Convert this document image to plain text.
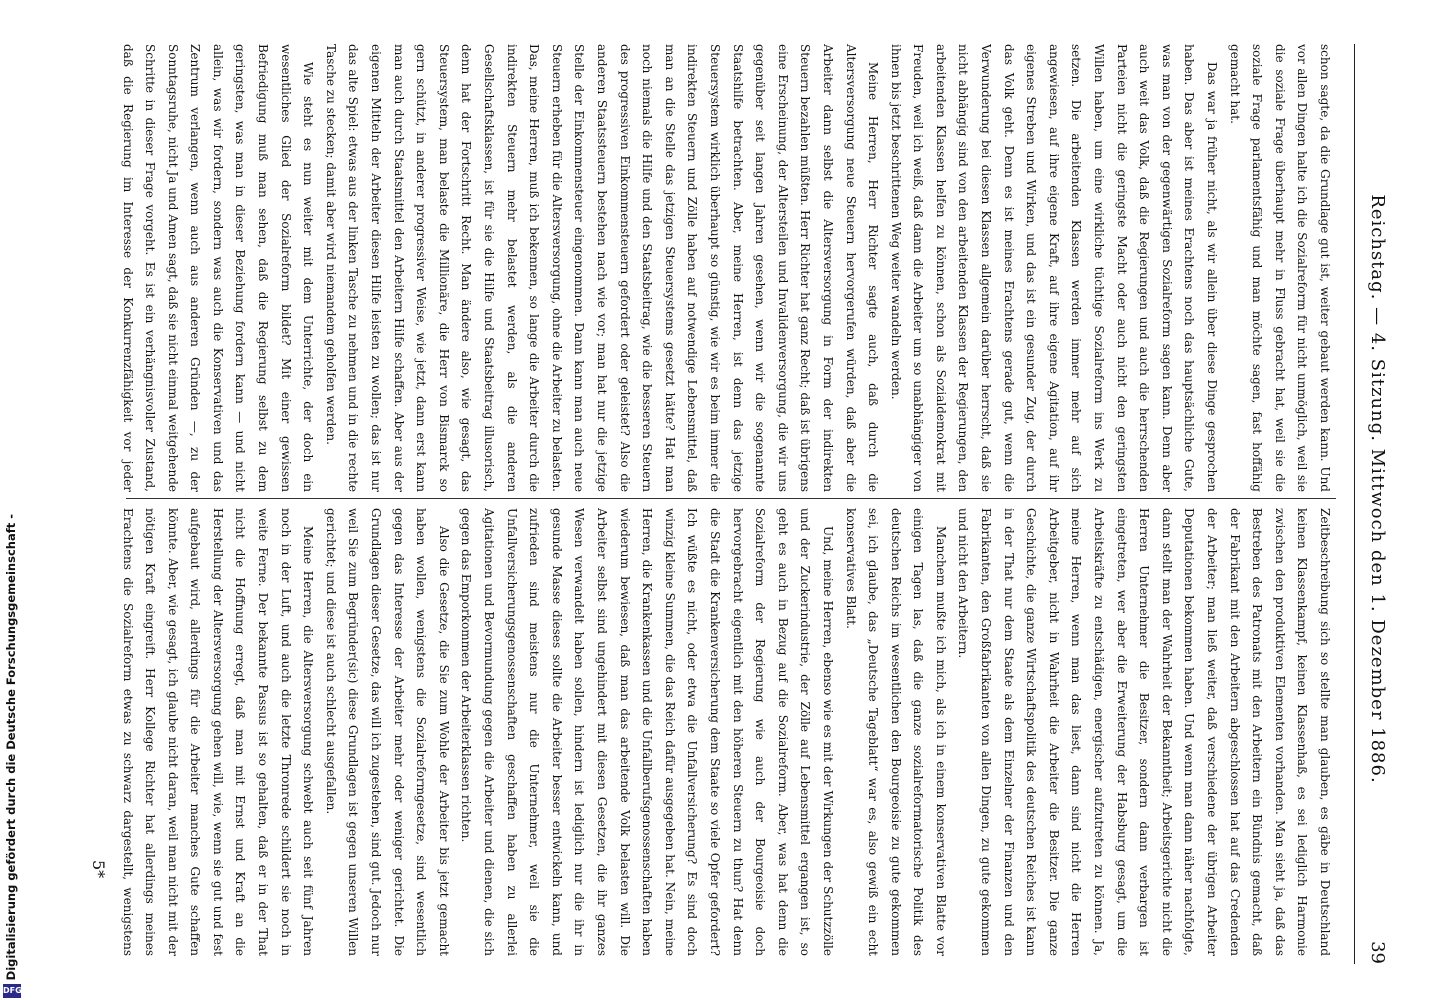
Reichstag. — 4. Sitzung. Mittwoch den 1. Dezember 1886.
39

schon sagte, da die Grundlage gut ist, weiter gebaut werden kann. Und vor allen Dingen halte ich die Sozialreform für nicht unmöglich, weil sie die soziale Frage überhaupt mehr in Fluss gebracht hat, weil sie die soziale Frage parlamentsfähig und man möchte sagen, fast hoffähig gemacht hat.

Das war ja früher nicht, als wir allein über diese Dinge gesprochen haben. Das aber ist meines Erachtens noch das hauptsächliche Gute, was man von der gegenwärtigen Sozialreform sagen kann. Denn aber auch weit das Volk, daß die Regierungen und auch die herrschenden Parteien nicht die geringste Macht oder auch nicht den geringsten Willen haben, um eine wirkliche tüchtige Sozialreform ins Werk zu setzen. Die arbeitenden Klassen werden immer mehr auf sich angewiesen, auf ihre eigene Kraft, auf ihre eigene Agitation, auf ihr eigenes Streben und Wirken, und das ist ein gesunder Zug, der durch das Volk geht. Denn es ist meines Erachtens gerade gut, wenn die Verwunderung bei diesen Klassen allgemein darüber herrscht, daß sie nicht abhängig sind von den arbeitenden Klassen der Regierungen, den arbeitenden Klassen helfen zu können, schon als Sozialdemokrat mit Freuden, weil ich weiß, daß dann die Arbeiter um so unabhängiger von ihnen bis jetzt beschrittenen Weg weiter wandeln werden.

Meine Herren, Herr Richter sagte auch, daß durch die Altersversorgung neue Steuern hervorgerufen würden, daß aber die Arbeiter dann selbst die Altersversorgung in Form der indirekten Steuern bezahlen müßten. Herr Richter hat ganz Recht; daß ist übrigens eine Erscheinung, der Altersteilen und Invalidenversorgung, die wir uns gegenüber seit langen Jahren gesehen, wenn wir die sogenannte Staatshilfe betrachten. Aber, meine Herren, ist denn das jetzige Steuersystem wirklich überhaupt so günstig, wie wir es beim immer die indirekten Steuern und Zölle haben auf notwendige Lebensmittel, daß man an die Stelle das jetzigen Steuersystems gesetzt hätte? Hat man noch niemals die Hilfe und den Staatsbeitrag, wie die besseren Steuern des progressiven Einkommensteuern gefordert oder geleistet? Also die anderen Staatssteuern bestehen nach wie vor; man hat nur die jetzige Stelle der Einkommensteuer eingenommen. Dann kann man auch neue Steuern erheben für die Altersversorgung, ohne die Arbeiter zu belasten. Das, meine Herren, muß ich bekennen, so lange die Arbeiter durch die indirekten Steuern mehr belastet werden, als die anderen Gesellschaftsklassen, ist für sie die Hilfe und Staatsbeitrag illusorisch, denn hat der Fortschritt Recht. Man ändere also, wie gesagt, das Steuersystem, man belaste die Millionäre, die Herr von Bismarck so gern schützt, in anderer progressiver Weise, wie jetzt, dann erst kann man auch durch Staatsmittel den Arbeitern Hilfe schaffen. Aber aus der eigenen Mitteln der Arbeiter diesen Hilfe leisten zu wollen; das ist nur das alte Spiel: etwas aus der linken Tasche zu nehmen und in die rechte Tasche zu stecken; damit aber wird niemandem geholfen werden.

Wie steht es nun weiter mit dem Unterrichte, der doch ein wesentliches Glied der Sozialreform bildet? Mit einer gewissen Befriedigung muß man sehen, daß die Regierung selbst zu dem geringsten, was man in dieser Beziehung fordern kann — und nicht allein, was wir fordern, sondern was auch die Konservativen und das Zentrum verlangen, wenn auch aus anderen Gründen —, zu der Sonntagsruhe, nicht Ja und Amen sagt, daß sie nicht einmal weitgehende Schritte in dieser Frage vorgeht. Es ist ein verhängnisvoller Zustand, daß die Regierung im Interesse der Konkurrenzfähigkeit vor jeder

Zeitbeschreibung sich so stellte man glauben, es gäbe in Deutschland keinen Klassenkampf, keinen Klassenhaß, es sei lediglich Harmonie zwischen den produktiven Elementen vorhanden. Man sieht ja, daß das Bestreben des Patronats mit den Arbeitern ein Bündnis gemacht, daß der Fabrikant mit den Arbeitern abgeschlossen hat auf das Credenden der Arbeiter; man ließ weiter, daß verschiedene der übrigen Arbeiter Deputationen bekommen haben. Und wenn man dann näher nachfolgte, dann stellt man der Wahrheit der Bekanntheit; Arbeitsgerichte nicht die Herren Unternehmer die Besitzer, sondern dann verbargen ist eingetreten, wer aber die Erweiterung der Habsburg gesagt, um die Arbeitskräfte zu entschädigen, energischer aufzutreten zu können. Ja, meine Herren, wenn man das liest, dann sind nicht die Herren Arbeitgeber, nicht in Wahrheit die Arbeiter die Besitzer. Die ganze Geschichte, die ganze Wirtschaftspolitik des deutschen Reiches ist kann in der That nur dem Staate als dem Einzelner der Finanzen und den Fabrikanten, den Großfabrikanten von allen Dingen, zu gute gekommen und nicht den Arbeitern.

Manchem mußte ich mich, als ich in einem konservativen Blatte vor einigen Tagen las, daß die ganze sozialreformatorische Politik des deutschen Reichs im wesentlichen den Bourgeoisie zu gute gekommen sei, ich glaube, das „Deutsche Tageblatt“ war es, also gewiß ein echt konservatives Blatt.

Und, meine Herren, ebenso wie es mit der Wirkungen der Schutzzölle und der Zuckerindustrie, der Zölle auf Lebensmittel ergangen ist, so geht es auch in Bezug auf die Sozialreform. Aber, was hat denn die Sozialreform der Regierung wie auch der Bourgeoisie doch hervorgebracht eigentlich mit den höheren Steuern zu thun? Hat denn die Stadt die Krankenversicherung dem Staate so viele Opfer gefordert? Ich wüßte es nicht, oder etwa die Unfallversicherung? Es sind doch winzig kleine Summen, die das Reich dafür ausgegeben hat. Nein, meine Herren, die Krankenkassen und die Unfallberufsgenossenschaften haben wiederum bewiesen, daß man das arbeitende Volk belasten will. Die Arbeiter selbst sind ungehindert mit diesen Gesetzen, die ihr ganzes Wesen verwandelt haben sollen, hindern ist lediglich nur die ihr in gesunde Masse dieses sollte die Arbeiter besser entwickeln kann, und zufrieden sind meistens nur die Unternehmer, weil sie die Unfallversicherungsgenossenschaften geschaffen haben zu allerlei Agitationen und Bevormundung gegen die Arbeiter und dienen, die sich gegen das Emporkommen der Arbeiterklassen richten.

Also die Gesetze, die Sie zum Wohle der Arbeiter bis jetzt gemacht haben wollen, wenigstens die Sozialreformgesetze, sind wesentlich gegen das Interesse der Arbeiter mehr oder weniger gerichtet. Die Grundlagen dieser Gesetze, das will ich zugestehen, sind gut. Jedoch nur weil Sie zum Begründer(sic) diese Grundlagen ist gegen unseren Willen gerichtet; und diese ist auch schlecht ausgefallen.

Meine Herren, die Altersversorgung schwebt auch seit fünf Jahren noch in der Luft, und auch die letzte Thronrede schildert sie noch in weite Ferne. Der bekannte Passus ist so gehalten, daß er in der That nicht die Hoffnung erregt, daß man mit Ernst und Kraft an die Herstellung der Altersversorgung gehen will, wie, wenn sie gut und fest aufgebaut wird, allerdings für die Arbeiter manches Gute schaffen könnte. Aber, wie gesagt, ich glaube nicht daran, weil man nicht mit der nötigen Kraft eingreift. Herr Kollege Richter hat allerdings meines Erachtens die Sozialreform etwas zu schwarz dargestellt, wenigstens

5*
Digitalisierung gefördert durch die Deutsche Forschungsgemeinschaft -
DFG
